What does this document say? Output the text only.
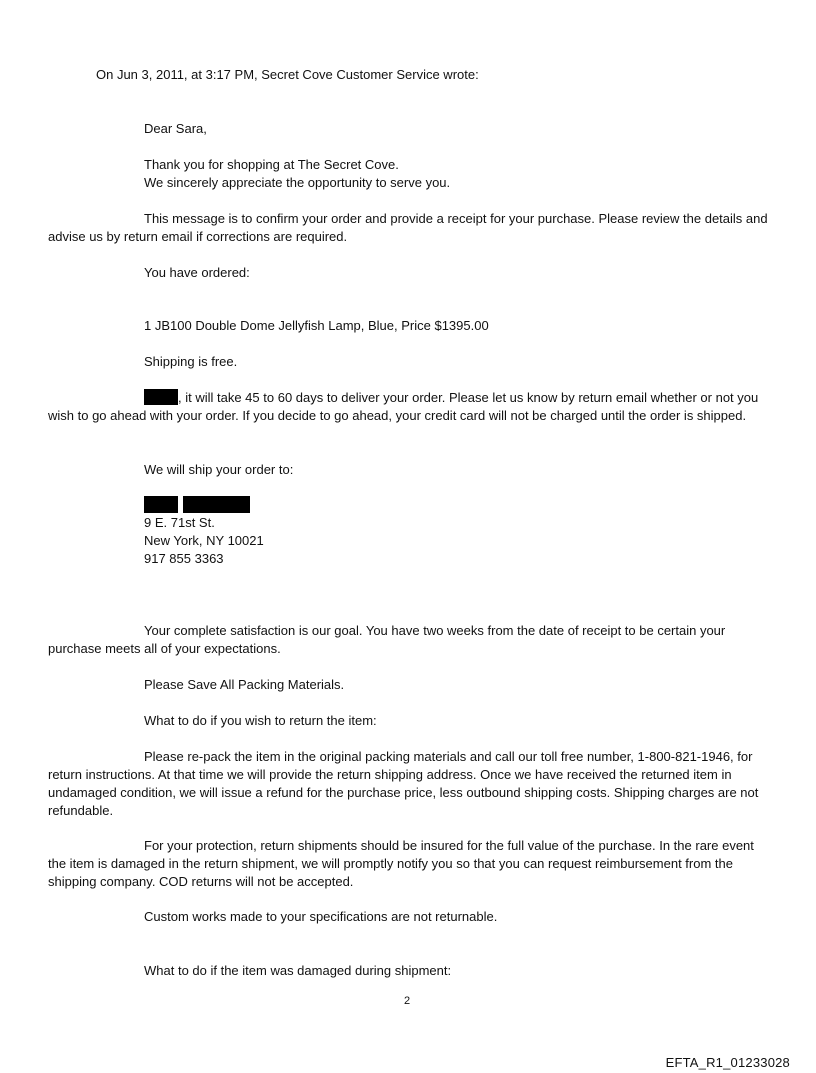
On Jun 3, 2011, at 3:17 PM, Secret Cove Customer Service wrote:
Dear Sara,
Thank you for shopping at The Secret Cove.
We sincerely appreciate the opportunity to serve you.
This message is to confirm your order and provide a receipt for your purchase. Please review the details and advise us by return email if corrections are required.
You have ordered:
1 JB100 Double Dome Jellyfish Lamp, Blue, Price $1395.00
Shipping is free.
, it will take 45 to 60 days to deliver your order. Please let us know by return email whether or not you wish to go ahead with your order. If you decide to go ahead, your credit card will not be charged until the order is shipped.
We will ship your order to:

9 E. 71st St.
New York, NY 10021
917 855 3363
Your complete satisfaction is our goal. You have two weeks from the date of receipt to be certain your purchase meets all of your expectations.
Please Save All Packing Materials.
What to do if you wish to return the item:
Please re-pack the item in the original packing materials and call our toll free number, 1-800-821-1946, for return instructions. At that time we will provide the return shipping address. Once we have received the returned item in undamaged condition, we will issue a refund for the purchase price, less outbound shipping costs. Shipping charges are not refundable.
For your protection, return shipments should be insured for the full value of the purchase. In the rare event the item is damaged in the return shipment, we will promptly notify you so that you can request reimbursement from the shipping company. COD returns will not be accepted.
Custom works made to your specifications are not returnable.
What to do if the item was damaged during shipment:
2
EFTA_R1_01233028
